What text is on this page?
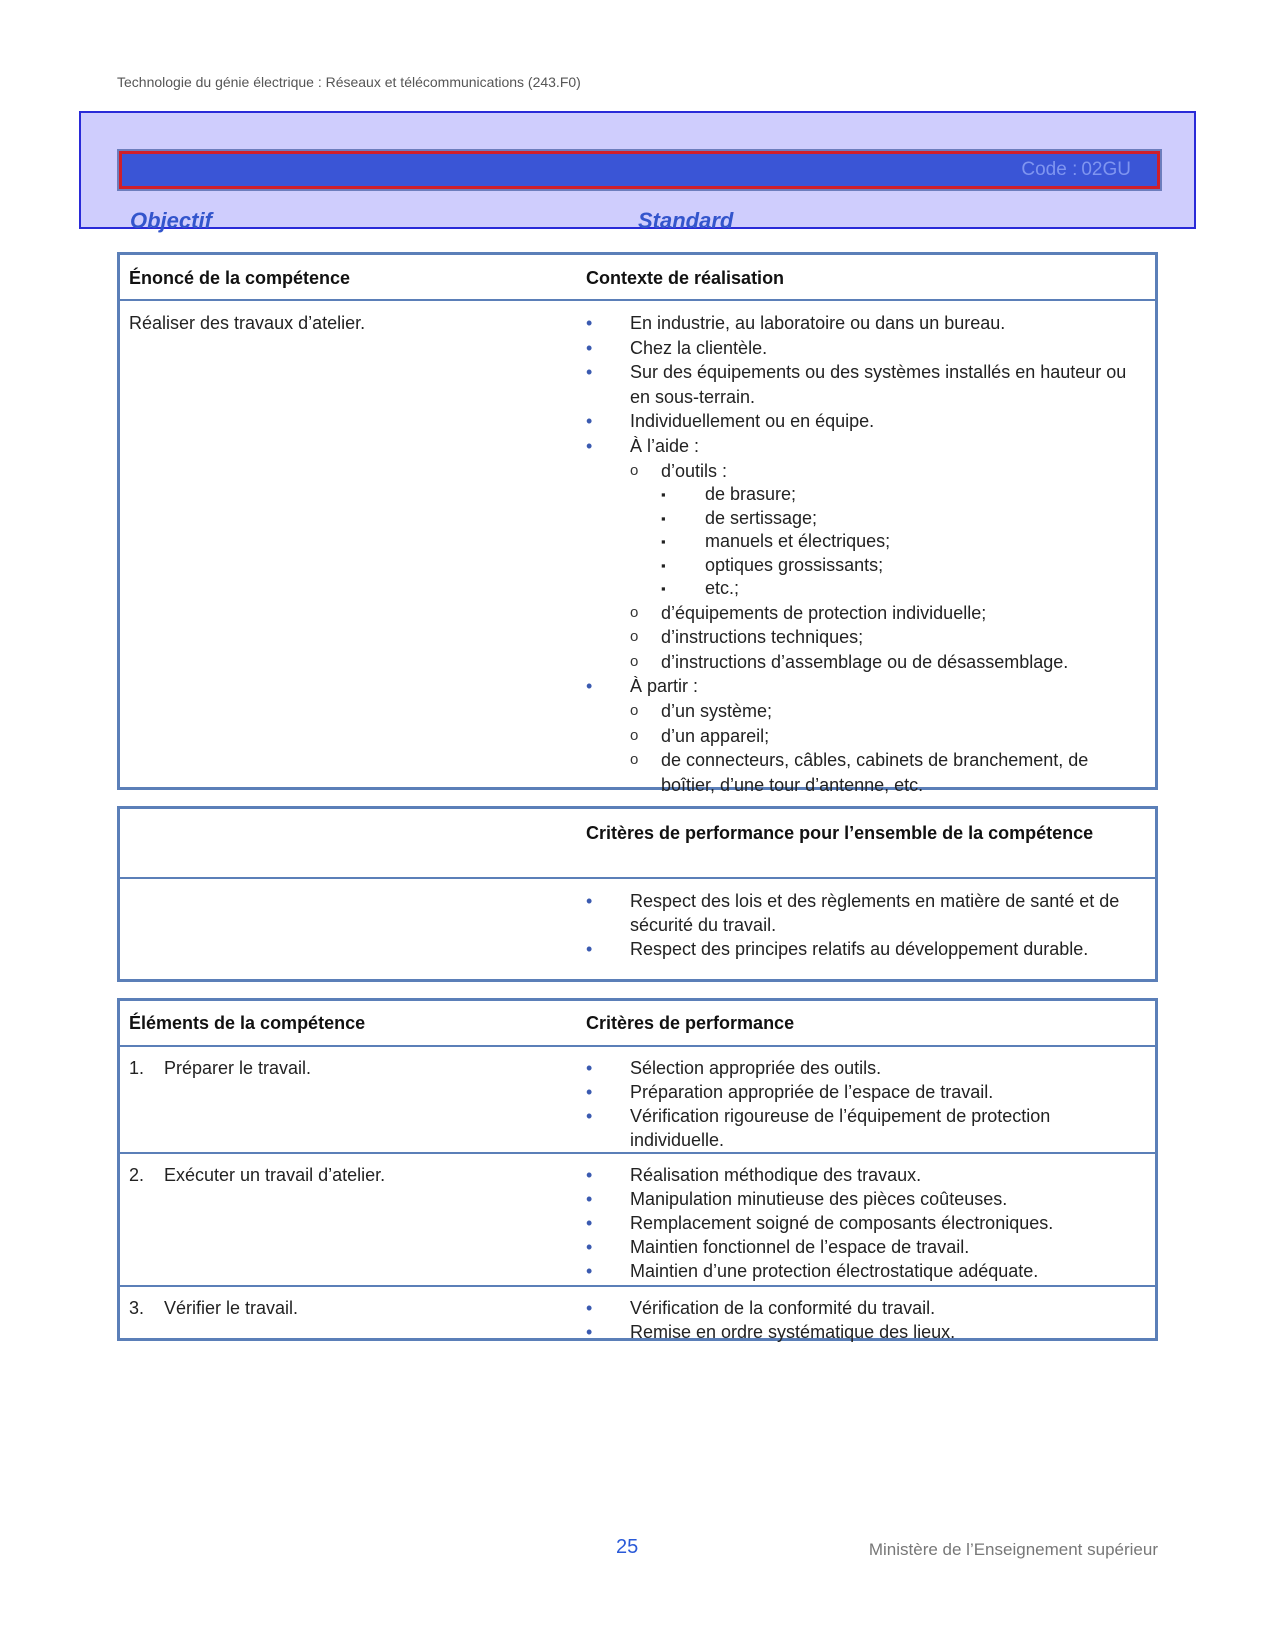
Technologie du génie électrique : Réseaux et télécommunications (243.F0)
Code : 02GU
Objectif	Standard
Énoncé de la compétence	Contexte de réalisation
Réaliser des travaux d’atelier.	• En industrie, au laboratoire ou dans un bureau.
• Chez la clientèle.
• Sur des équipements ou des systèmes installés en hauteur ou en sous-terrain.
• Individuellement ou en équipe.
• À l’aide :
o d’outils :
▪ de brasure;
▪ de sertissage;
▪ manuels et électriques;
▪ optiques grossissants;
▪ etc.;
o d’équipements de protection individuelle;
o d’instructions techniques;
o d’instructions d’assemblage ou de désassemblage.
• À partir :
o d’un système;
o d’un appareil;
o de connecteurs, câbles, cabinets de branchement, de boîtier, d’une tour d’antenne, etc.
Critères de performance pour l’ensemble de la compétence
• Respect des lois et des règlements en matière de santé et de sécurité du travail.
• Respect des principes relatifs au développement durable.
Éléments de la compétence	Critères de performance
1.	Préparer le travail.	• Sélection appropriée des outils.
• Préparation appropriée de l’espace de travail.
• Vérification rigoureuse de l’équipement de protection individuelle.
2.	Exécuter un travail d’atelier.	• Réalisation méthodique des travaux.
• Manipulation minutieuse des pièces coûteuses.
• Remplacement soigné de composants électroniques.
• Maintien fonctionnel de l’espace de travail.
• Maintien d’une protection électrostatique adéquate.
3.	Vérifier le travail.	• Vérification de la conformité du travail.
• Remise en ordre systématique des lieux.
25	Ministère de l’Enseignement supérieur
